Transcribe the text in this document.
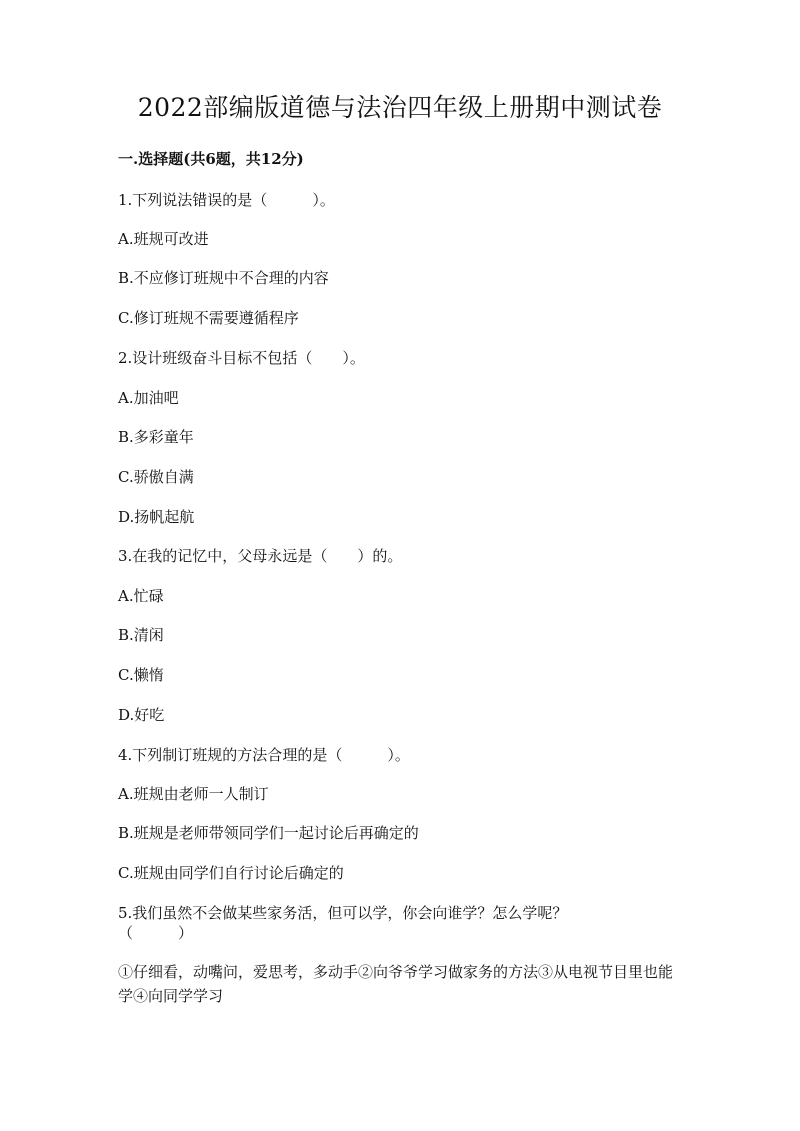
2022部编版道德与法治四年级上册期中测试卷
一.选择题(共6题，共12分)
1.下列说法错误的是（　　　）。
A.班规可改进
B.不应修订班规中不合理的内容
C.修订班规不需要遵循程序
2.设计班级奋斗目标不包括（　　）。
A.加油吧
B.多彩童年
C.骄傲自满
D.扬帆起航
3.在我的记忆中，父母永远是（　　）的。
A.忙碌
B.清闲
C.懒惰
D.好吃
4.下列制订班规的方法合理的是（　　　）。
A.班规由老师一人制订
B.班规是老师带领同学们一起讨论后再确定的
C.班规由同学们自行讨论后确定的
5.我们虽然不会做某些家务活，但可以学，你会向谁学？怎么学呢？
（　　　）
①仔细看，动嘴问，爱思考，多动手②向爷爷学习做家务的方法③从电视节目里也能学④向同学学习
